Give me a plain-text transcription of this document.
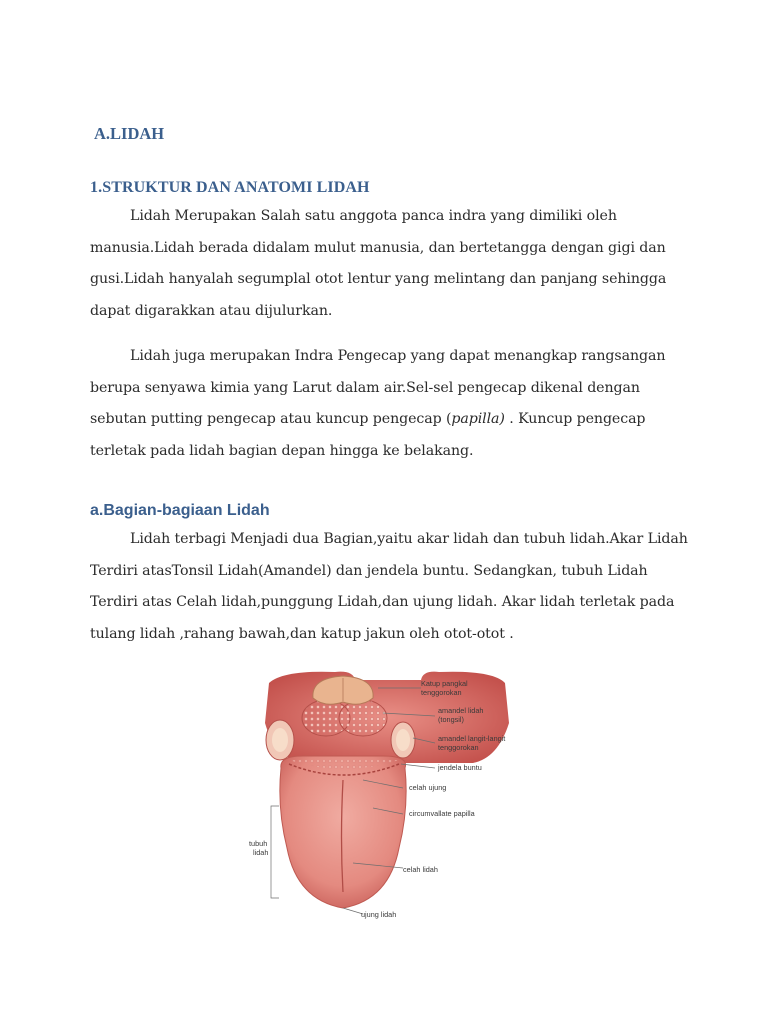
A.LIDAH
1.STRUKTUR DAN ANATOMI LIDAH

Lidah Merupakan Salah satu anggota panca indra yang dimiliki oleh manusia.Lidah berada didalam mulut manusia, dan bertetangga dengan gigi dan gusi.Lidah hanyalah segumplal otot lentur yang melintang dan panjang sehingga dapat digarakkan atau dijulurkan.

Lidah juga merupakan Indra Pengecap yang dapat menangkap rangsangan berupa senyawa kimia yang Larut dalam air.Sel-sel pengecap dikenal dengan sebutan putting pengecap atau kuncup pengecap (papilla) . Kuncup pengecap terletak pada lidah bagian depan hingga ke belakang.

a.Bagian-bagiaan Lidah

Lidah terbagi Menjadi dua Bagian,yaitu akar lidah dan tubuh lidah.Akar Lidah Terdiri atasTonsil Lidah(Amandel) dan jendela buntu. Sedangkan, tubuh Lidah Terdiri atas Celah lidah,punggung Lidah,dan ujung lidah. Akar lidah terletak pada tulang lidah ,rahang bawah,dan katup jakun oleh otot-otot .

Katup pangkal
tenggorokan
amandel lidah
(tongsil)
amandel langit-langit
tenggorokan
jendela buntu
celah ujung
circumvallate papilla
tubuh
lidah
celah lidah
ujung lidah
